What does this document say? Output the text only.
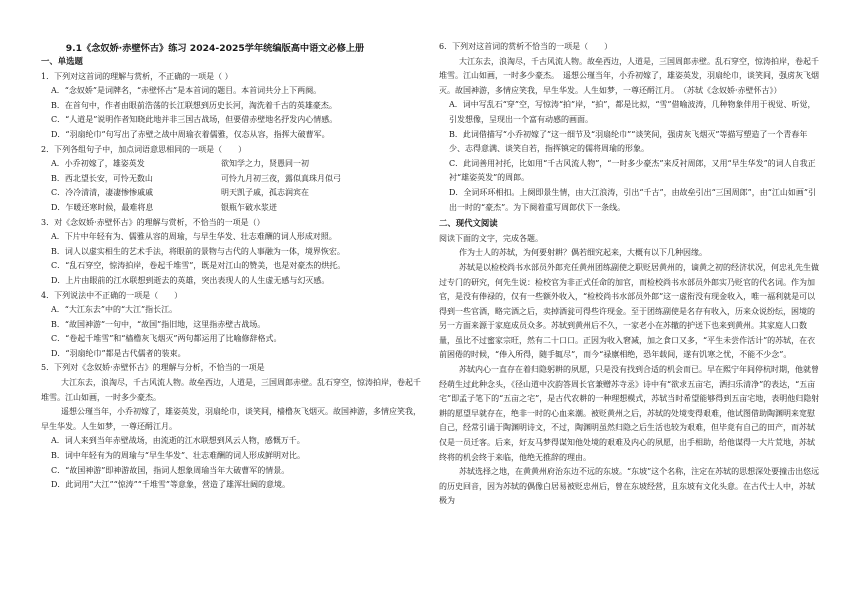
9.1《念奴娇·赤壁怀古》练习 2024-2025学年统编版高中语文必修上册
一、单选题
1．下列对这首词的理解与赏析，不正确的一项是（ ）
A．“念奴娇”是词牌名，“赤壁怀古”是本首词的题目。本首词共分上下两阕。
B．在首句中，作者由眼前浩荡的长江联想到历史长河，淘洗着千古的英雄豪杰。
C．“人道是”说明作者知晓此地并非三国古战场，但要借赤壁地名抒发内心情感。
D．“羽扇纶巾”句写出了赤壁之战中周瑜衣着儒雅，仅态从容，指挥大破曹军。
2．下列各组句子中，加点词语意思相同的一项是（　　）
A．小乔初嫁了，雄姿英发	欲知学之力，贤愚同一初
B．西北望长安，可怜无数山	可怜九月初三夜，露似真珠月似弓
C．冷冷清清，凄凄惨惨戚戚	明天凯子戚，孤志润宾在
D．乍暖还寒时候，最难将息	银瓶乍破水浆迸
3．对《念奴娇·赤壁怀古》的理解与赏析，不恰当的一项是（）
A．下片中年轻有为、儒雅从容的周瑜，与早生华发、壮志难酬的词人形成对照。
B．词人以虚实相生的艺术手法，将眼前的景物与古代的人事融为一体，境界恢宏。
C．“乱石穿空，惊涛拍岸，卷起千堆雪”，既是对江山的赞美，也是对豪杰的烘托。
D．上片由眼前的江水联想到逝去的英雄，突出表现人的人生虚无感与幻灭感。
4．下列说法中不正确的一项是（　　）
A．“大江东去”中的“大江”指长江。
B．“故国神游”一句中，“故国”指旧地，这里指赤壁古战场。
C．“卷起千堆雪”和“樯橹灰飞烟灭”两句都运用了比喻修辞格式。
D．“羽扇纶巾”都是古代儒者的装束。
5．下列对《念奴娇·赤壁怀古》的理解与分析，不恰当的一项是
大江东去，浪淘尽，千古风流人物。故垒西边，人道是，三国周郎赤壁。乱石穿空，惊涛拍岸，卷起千堆雪。江山如画，一时多少豪杰。
遥想公瑾当年，小乔初嫁了，雄姿英发，羽扇纶巾，谈笑间，樯橹灰飞烟灭。故国神游，多情应笑我，早生华发。人生如梦，一尊还酹江月。
A．词人来到当年赤壁战场，由流逝的江水联想到风云人物，感慨万千。
B．词中年轻有为的周瑜与“早生华发”、壮志难酬的词人形成鲜明对比。
C．“故国神游”即神游故国，指词人想象周瑜当年大破曹军的情景。
D．此词用“大江”“惊涛”“千堆雪”等意象，营造了雄浑壮阔的意境。
6．下列对这首词的赏析不恰当的一项是（　　）
大江东去，浪淘尽，千古风流人物。故垒西边，人道是，三国周郎赤壁。乱石穿空，惊涛拍岸，卷起千堆雪。江山如画，一时多少豪杰。　遥想公瑾当年，小乔初嫁了，雄姿英发，羽扇纶巾，谈笑间，强虏灰飞烟灭。故国神游，多情应笑我，早生华发。人生如梦，一尊还酹江月。　（苏轼《念奴娇·赤壁怀古》）
A．词中写乱石“穿”空，写惊涛“拍”岸，“拍”，都是比拟，“雪”借喻波涛，几种物象伴用于视觉、听觉，引发想像，呈现出一个富有动感的画面。
B．此词借描写“小乔初嫁了”这一细节及“羽扇纶巾”“谈笑间，强虏灰飞烟灭”等描写塑造了一个青春年少、志得意满、谈笑自若，指挥镇定的儒将周瑜的形象。
C．此词善用衬托，比如用“千古风流人物”，“一时多少豪杰”来反衬周郎，又用“早生华发”的词人自我正衬“雄姿英发”的周郎。
D．全词环环相扣。上阕即景生情，由大江浪涛，引出“千古”，由故垒引出“三国周郎”，由“江山如画”引出一时的“豪杰”。为下阕着重写周郎伏下一条线。
二、现代文阅读
阅读下面的文字，完成各题。
作为士人的苏轼，为何要射耕？偶若细究起来，大概有以下几种因缘。
苏轼是以检校尚书水部员外郎充任黄州团练副使之职贬居黄州的，谪黄之初的经济状况，何忠礼先生做过专门的研究，何先生说：检校官为非正式任命的加官，而检校尚书水部员外郎实乃贬官的代名词。作为加官，是没有俸禄的，仅有一些额外收入，“检校尚书水部员外郎”这一虚衔没有现金收入，唯一福利就是可以得到一些官酒，略完酒之后，卖掉酒瓮可得些许现金。至于团练副使是名存有收入，历来众说纷纭，困境的另一方面来源于家庭成员众多。苏轼到黄州后不久，一家老小在苏辙的护送下也来到黄州。其家庭人口数量，虽比不过蜜家宗旺，然有二十口口。正因为收入窘减，加之食口又多，“平生未尝作活计”的苏轼，在衣前困倦的时候，“俸入所得，随手辄尽”，而今“禄廪相绝，恐年载间，遂有饥寒之忧，不能不少念”。
苏轼内心一直存在着归隐躬耕的夙愿，只是没有找到合适的机会而已。早在熙宁年间停杭时期，他就曾经萌生过此种念头，《径山道中次韵答周长官兼赠苏寺丞》诗中有“欲求五亩宅，洒扫乐清净”的表达，“五亩宅”即孟子笔下的“五亩之宅”，是古代农耕的一种理想模式，苏轼当时希望能够得到五亩宅地，表明他归隐射耕的愿望早就存在，绝非一时的心血来潮。被贬黄州之后，苏轼的处境变得艰难，他试图借助陶渊明来宽慰自己，经常引诵于陶渊明诗文，不过，陶渊明虽然归隐之后生活也较为艰难，但毕竟有自己的田产，而苏轼仅是一员迁客。后来，好友马梦得谋知他处境的艰难及内心的夙愿，出手相助，给他谋得一大片荒地，苏轼终将的机会终于来临，他绝无推辞的理由。
苏轼选择之地，在黄黄州府治东边不远的东坡。“东坡”这个名称，注定在苏轼的思想深处要撞击出悠远的历史回音，因为苏轼的偶像白居易被贬忠州后，曾在东坡经营，且东坡有文化头意。在古代士人中，苏轼极为
